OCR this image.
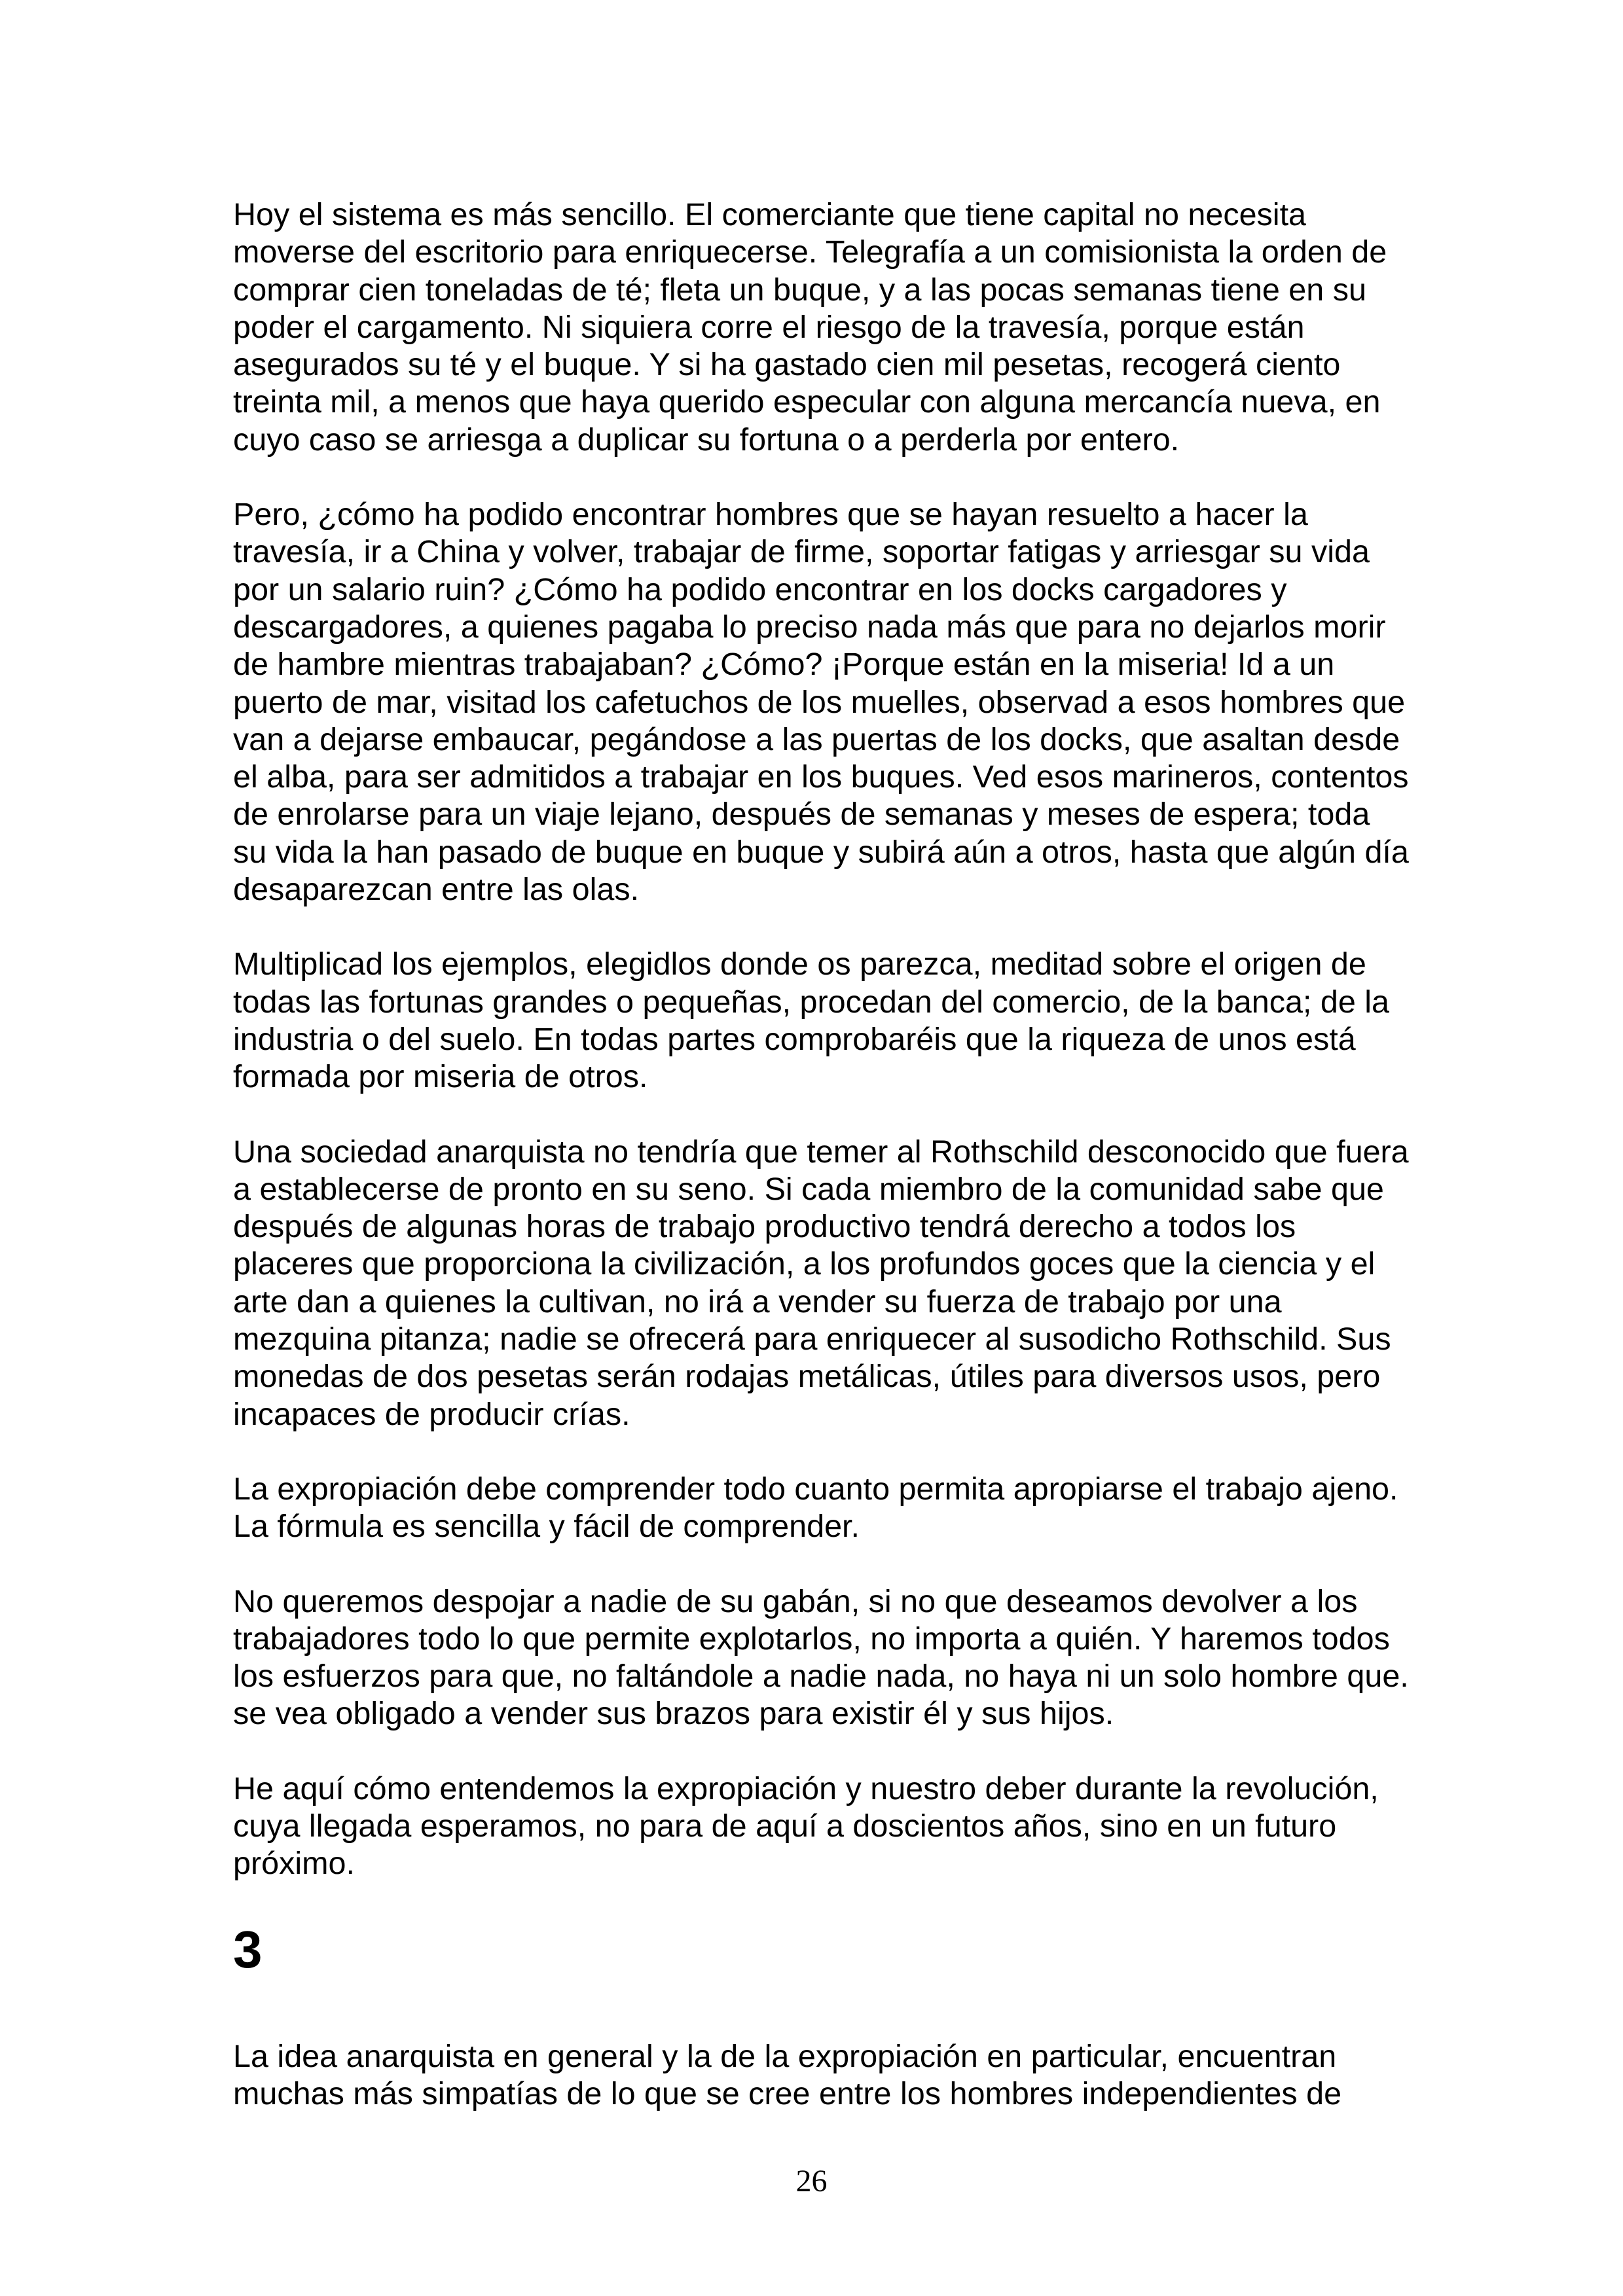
Hoy el sistema es más sencillo. El comerciante que tiene capital no necesita moverse del escritorio para enriquecerse. Telegrafía a un comisionista la orden de comprar cien toneladas de té; fleta un buque, y a las pocas semanas tiene en su poder el cargamento. Ni siquiera corre el riesgo de la travesía, porque están asegurados su té y el buque. Y si ha gastado cien mil pesetas, recogerá ciento treinta mil, a menos que haya querido especular con alguna mercancía nueva, en cuyo caso se arriesga a duplicar su fortuna o a perderla por entero.

Pero, ¿cómo ha podido encontrar hombres que se hayan resuelto a hacer la travesía, ir a China y volver, trabajar de firme, soportar fatigas y arriesgar su vida por un salario ruin? ¿Cómo ha podido encontrar en los docks cargadores y descargadores, a quienes pagaba lo preciso nada más que para no dejarlos morir de hambre mientras trabajaban? ¿Cómo? ¡Porque están en la miseria! Id a un puerto de mar, visitad los cafetuchos de los muelles, observad a esos hombres que van a dejarse embaucar, pegándose a las puertas de los docks, que asaltan desde el alba, para ser admitidos a trabajar en los buques. Ved esos marineros, contentos de enrolarse para un viaje lejano, después de semanas y meses de espera; toda su vida la han pasado de buque en buque y subirá aún a otros, hasta que algún día desaparezcan entre las olas.

Multiplicad los ejemplos, elegidlos donde os parezca, meditad sobre el origen de todas las fortunas grandes o pequeñas, procedan del comercio, de la banca; de la industria o del suelo. En todas partes comprobaréis que la riqueza de unos está formada por miseria de otros.

Una sociedad anarquista no tendría que temer al Rothschild desconocido que fuera a establecerse de pronto en su seno. Si cada miembro de la comunidad sabe que después de algunas horas de trabajo productivo tendrá derecho a todos los placeres que proporciona la civilización, a los profundos goces que la ciencia y el arte dan a quienes la cultivan, no irá a vender su fuerza de trabajo por una mezquina pitanza; nadie se ofrecerá para enriquecer al susodicho Rothschild. Sus monedas de dos pesetas serán rodajas metálicas, útiles para diversos usos, pero incapaces de producir crías.

La expropiación debe comprender todo cuanto permita apropiarse el trabajo ajeno. La fórmula es sencilla y fácil de comprender.

No queremos despojar a nadie de su gabán, si no que deseamos devolver a los trabajadores todo lo que permite explotarlos, no importa a quién. Y haremos todos los esfuerzos para que, no faltándole a nadie nada, no haya ni un solo hombre que. se vea obligado a vender sus brazos para existir él y sus hijos.

He aquí cómo entendemos la expropiación y nuestro deber durante la revolución, cuya llegada esperamos, no para de aquí a doscientos años, sino en un futuro próximo.

3

La idea anarquista en general y la de la expropiación en particular, encuentran muchas más simpatías de lo que se cree entre los hombres independientes de

26
